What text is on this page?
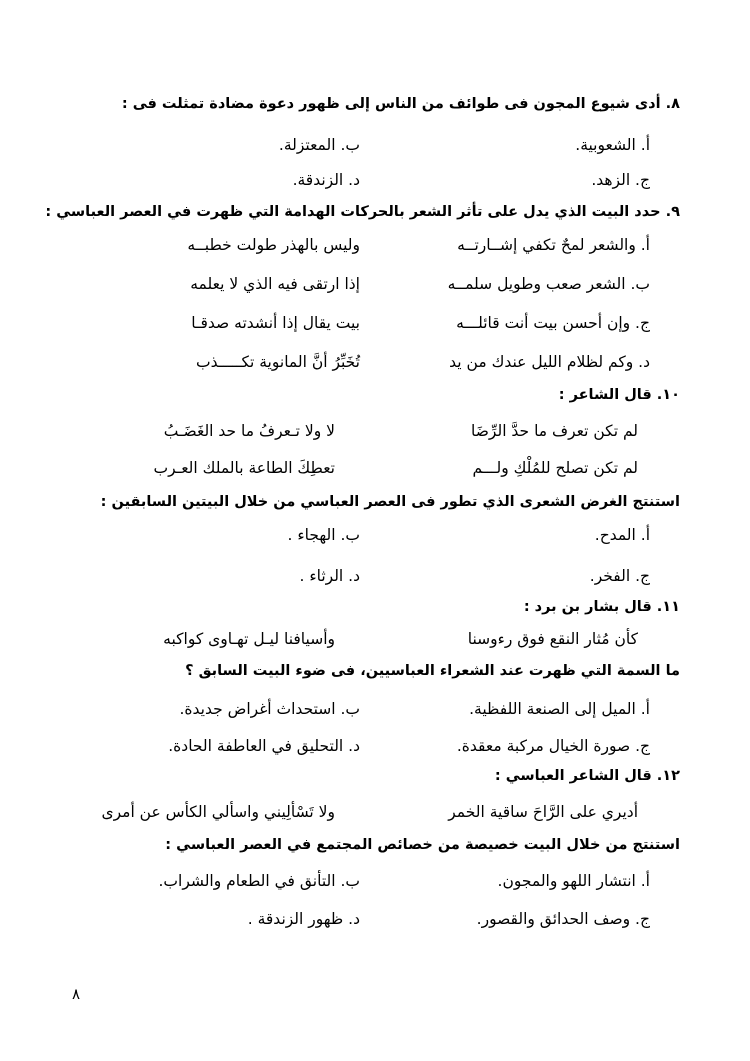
٨. أدى شيوع المجون فى طوائف من الناس إلى ظهور دعوة مضادة تمثلت فى :
أ. الشعوبية.
ب. المعتزلة.
ج. الزهد.
د. الزندقة.
٩. حدد البيت الذي يدل على تأثر الشعر بالحركات الهدامة التي ظهرت في العصر العباسي :
أ. والشعر لمحٌ تكفي إشــارتــه
وليس بالهذر طولت خطبــه
ب. الشعر صعب وطويل سلمــه
إذا ارتقى فيه الذي لا يعلمه
ج. وإن أحسن بيت أنت قائلـــه
بيت يقال إذا أنشدته صدقـا
د. وكم لظلام الليل عندك من يد
تُخَبِّرُ أنَّ المانوية تكـــــذب
١٠. قال الشاعر :
لم تكن تعرف ما حدَّ الرِّضَا
لا ولا تـعرفُ ما حد الغَضَـبُ
لم تكن تصلح للمُلْكِ ولـــم
تعطِكَ الطاعة بالملك العـرب
استنتج الغرض الشعرى الذي تطور فى العصر العباسي من خلال البيتين السابقين :
أ. المدح.
ب. الهجاء .
ج. الفخر.
د. الرثاء .
١١. قال بشار بن برد :
كأن مُثار النقع فوق رءوسنا
وأسيافنا ليـل تهـاوى كواكبه
ما السمة التي ظهرت عند الشعراء العباسيين، فى ضوء البيت السابق ؟
أ. الميل إلى الصنعة اللفظية.
ب. استحداث أغراض جديدة.
ج. صورة الخيال مركبة معقدة.
د. التحليق في العاطفة الحادة.
١٢. قال الشاعر العباسي :
أديري على الرَّاحَ ساقية الخمر
ولا تَسْألِيني واسألي الكأس عن أمرى
استنتج من خلال البيت خصيصة من خصائص المجتمع في العصر العباسي :
أ. انتشار اللهو والمجون.
ب. التأنق في الطعام والشراب.
ج. وصف الحدائق والقصور.
د. ظهور الزندقة .
٨
